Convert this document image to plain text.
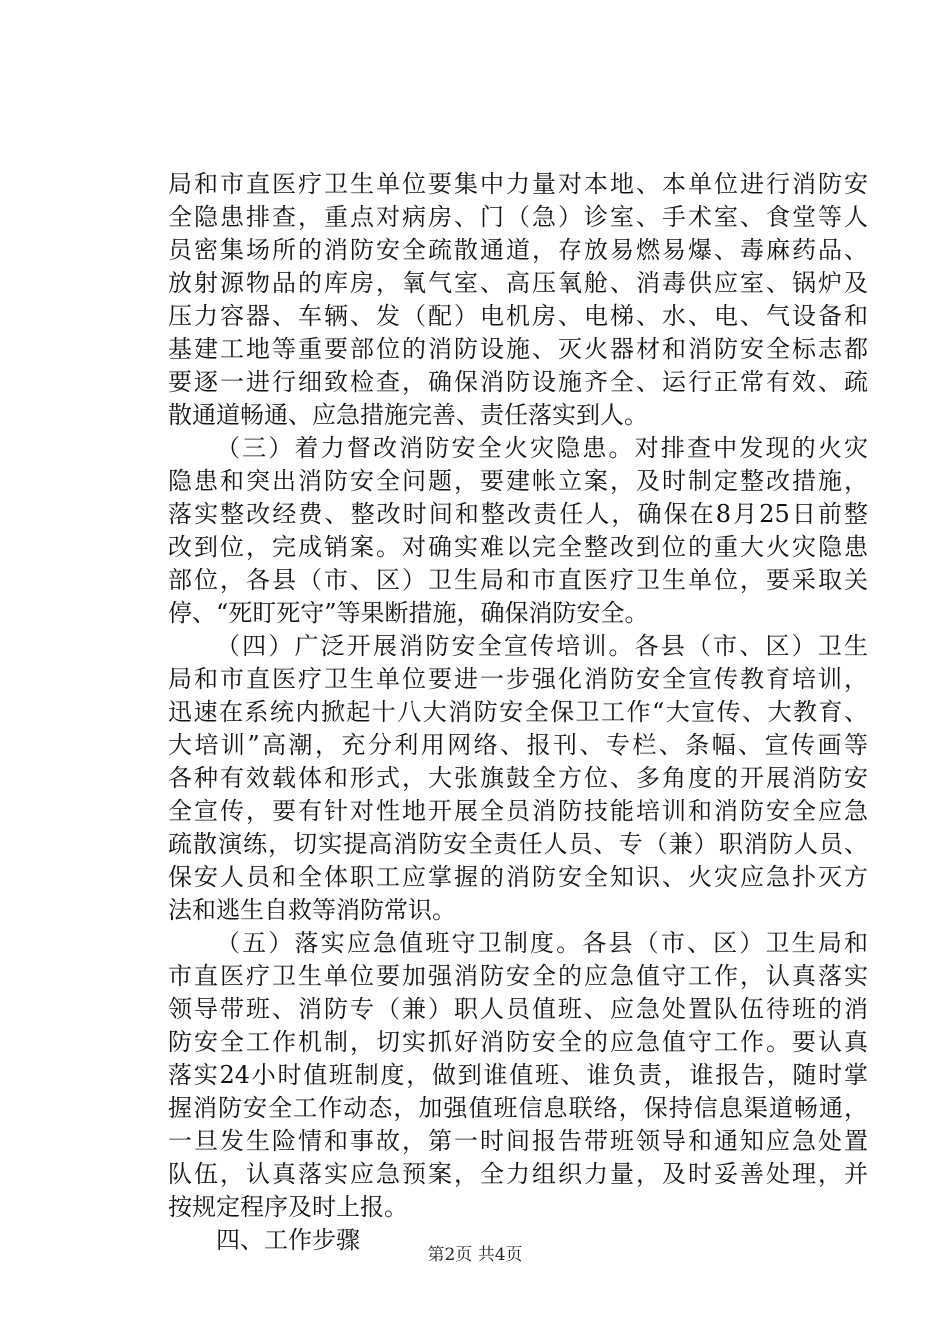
局和市直医疗卫生单位要集中力量对本地、本单位进行消防安
全隐患排查，重点对病房、门（急）诊室、手术室、食堂等人
员密集场所的消防安全疏散通道，存放易燃易爆、毒麻药品、
放射源物品的库房，氧气室、高压氧舱、消毒供应室、锅炉及
压力容器、车辆、发（配）电机房、电梯、水、电、气设备和
基建工地等重要部位的消防设施、灭火器材和消防安全标志都
要逐一进行细致检查，确保消防设施齐全、运行正常有效、疏
散通道畅通、应急措施完善、责任落实到人。
（三）着力督改消防安全火灾隐患。对排查中发现的火灾
隐患和突出消防安全问题，要建帐立案，及时制定整改措施，
落实整改经费、整改时间和整改责任人，确保在8月25日前整
改到位，完成销案。对确实难以完全整改到位的重大火灾隐患
部位，各县（市、区）卫生局和市直医疗卫生单位，要采取关
停、“死盯死守”等果断措施，确保消防安全。
（四）广泛开展消防安全宣传培训。各县（市、区）卫生
局和市直医疗卫生单位要进一步强化消防安全宣传教育培训，
迅速在系统内掀起十八大消防安全保卫工作“大宣传、大教育、
大培训”高潮，充分利用网络、报刊、专栏、条幅、宣传画等
各种有效载体和形式，大张旗鼓全方位、多角度的开展消防安
全宣传，要有针对性地开展全员消防技能培训和消防安全应急
疏散演练，切实提高消防安全责任人员、专（兼）职消防人员、
保安人员和全体职工应掌握的消防安全知识、火灾应急扑灭方
法和逃生自救等消防常识。
（五）落实应急值班守卫制度。各县（市、区）卫生局和
市直医疗卫生单位要加强消防安全的应急值守工作，认真落实
领导带班、消防专（兼）职人员值班、应急处置队伍待班的消
防安全工作机制，切实抓好消防安全的应急值守工作。要认真
落实24小时值班制度，做到谁值班、谁负责，谁报告，随时掌
握消防安全工作动态，加强值班信息联络，保持信息渠道畅通，
一旦发生险情和事故，第一时间报告带班领导和通知应急处置
队伍，认真落实应急预案，全力组织力量，及时妥善处理，并
按规定程序及时上报。
四、工作步骤
第2页 共4页
